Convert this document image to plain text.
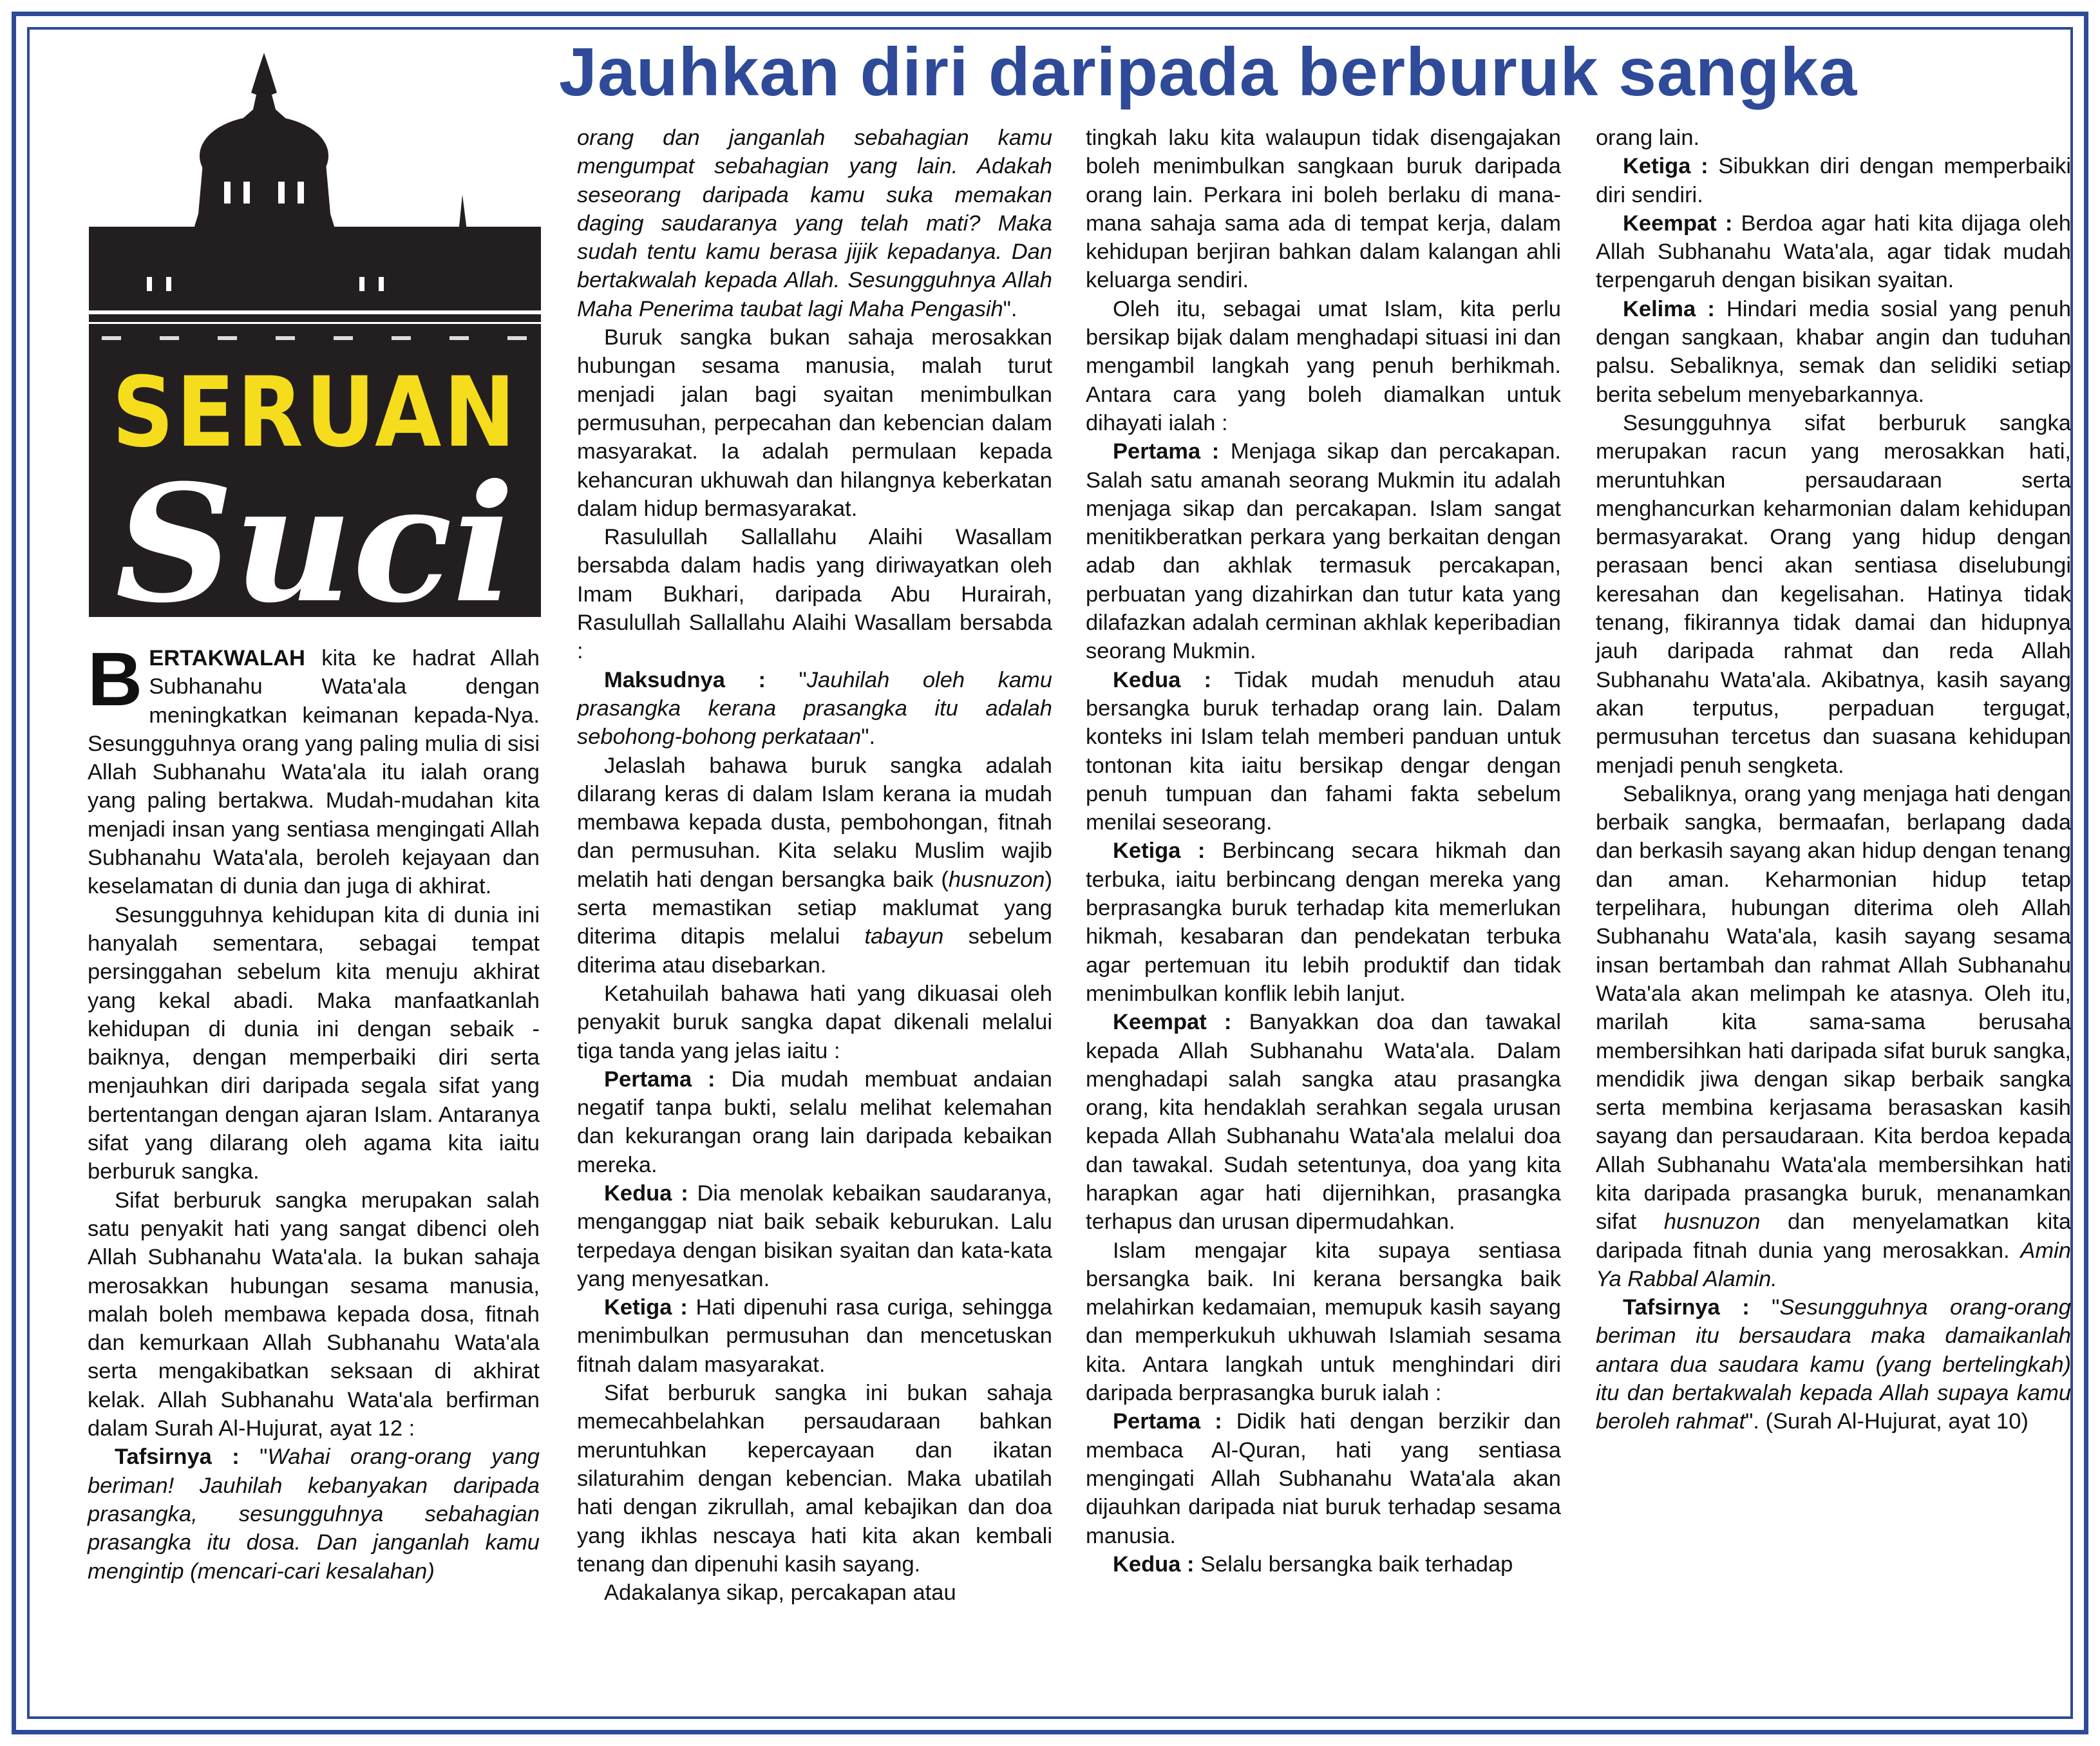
Jauhkan diri daripada berburuk sangka
SERUAN
Suci

BERTAKWALAH kita ke hadrat Allah Subhanahu Wata'ala dengan meningkatkan keimanan kepada-Nya. Sesungguhnya orang yang paling mulia di sisi Allah Subhanahu Wata'ala itu ialah orang yang paling bertakwa. Mudah-mudahan kita menjadi insan yang sentiasa mengingati Allah Subhanahu Wata'ala, beroleh kejayaan dan keselamatan di dunia dan juga di akhirat.

Sesungguhnya kehidupan kita di dunia ini hanyalah sementara, sebagai tempat persinggahan sebelum kita menuju akhirat yang kekal abadi. Maka manfaatkanlah kehidupan di dunia ini dengan sebaik - baiknya, dengan memperbaiki diri serta menjauhkan diri daripada segala sifat yang bertentangan dengan ajaran Islam. Antaranya sifat yang dilarang oleh agama kita iaitu berburuk sangka.

Sifat berburuk sangka merupakan salah satu penyakit hati yang sangat dibenci oleh Allah Subhanahu Wata'ala. Ia bukan sahaja merosakkan hubungan sesama manusia, malah boleh membawa kepada dosa, fitnah dan kemurkaan Allah Subhanahu Wata'ala serta mengakibatkan seksaan di akhirat kelak. Allah Subhanahu Wata'ala berfirman dalam Surah Al-Hujurat, ayat 12 :

Tafsirnya : "Wahai orang-orang yang beriman! Jauhilah kebanyakan daripada prasangka, sesungguhnya sebahagian prasangka itu dosa. Dan janganlah kamu mengintip (mencari-cari kesalahan)

orang dan janganlah sebahagian kamu mengumpat sebahagian yang lain. Adakah seseorang daripada kamu suka memakan daging saudaranya yang telah mati? Maka sudah tentu kamu berasa jijik kepadanya. Dan bertakwalah kepada Allah. Sesungguhnya Allah Maha Penerima taubat lagi Maha Pengasih".

Buruk sangka bukan sahaja merosakkan hubungan sesama manusia, malah turut menjadi jalan bagi syaitan menimbulkan permusuhan, perpecahan dan kebencian dalam masyarakat. Ia adalah permulaan kepada kehancuran ukhuwah dan hilangnya keberkatan dalam hidup bermasyarakat.

Rasulullah Sallallahu Alaihi Wasallam bersabda dalam hadis yang diriwayatkan oleh Imam Bukhari, daripada Abu Hurairah, Rasulullah Sallallahu Alaihi Wasallam bersabda :

Maksudnya : "Jauhilah oleh kamu prasangka kerana prasangka itu adalah sebohong-bohong perkataan".

Jelaslah bahawa buruk sangka adalah dilarang keras di dalam Islam kerana ia mudah membawa kepada dusta, pembohongan, fitnah dan permusuhan. Kita selaku Muslim wajib melatih hati dengan bersangka baik (husnuzon) serta memastikan setiap maklumat yang diterima ditapis melalui tabayun sebelum diterima atau disebarkan.

Ketahuilah bahawa hati yang dikuasai oleh penyakit buruk sangka dapat dikenali melalui tiga tanda yang jelas iaitu :

Pertama : Dia mudah membuat andaian negatif tanpa bukti, selalu melihat kelemahan dan kekurangan orang lain daripada kebaikan mereka.

Kedua : Dia menolak kebaikan saudaranya, menganggap niat baik sebaik keburukan. Lalu terpedaya dengan bisikan syaitan dan kata-kata yang menyesatkan.

Ketiga : Hati dipenuhi rasa curiga, sehingga menimbulkan permusuhan dan mencetuskan fitnah dalam masyarakat.

Sifat berburuk sangka ini bukan sahaja memecahbelahkan persaudaraan bahkan meruntuhkan kepercayaan dan ikatan silaturahim dengan kebencian. Maka ubatilah hati dengan zikrullah, amal kebajikan dan doa yang ikhlas nescaya hati kita akan kembali tenang dan dipenuhi kasih sayang.

Adakalanya sikap, percakapan atau

tingkah laku kita walaupun tidak disengajakan boleh menimbulkan sangkaan buruk daripada orang lain. Perkara ini boleh berlaku di mana-mana sahaja sama ada di tempat kerja, dalam kehidupan berjiran bahkan dalam kalangan ahli keluarga sendiri.

Oleh itu, sebagai umat Islam, kita perlu bersikap bijak dalam menghadapi situasi ini dan mengambil langkah yang penuh berhikmah. Antara cara yang boleh diamalkan untuk dihayati ialah :

Pertama : Menjaga sikap dan percakapan. Salah satu amanah seorang Mukmin itu adalah menjaga sikap dan percakapan. Islam sangat menitikberatkan perkara yang berkaitan dengan adab dan akhlak termasuk percakapan, perbuatan yang dizahirkan dan tutur kata yang dilafazkan adalah cerminan akhlak keperibadian seorang Mukmin.

Kedua : Tidak mudah menuduh atau bersangka buruk terhadap orang lain. Dalam konteks ini Islam telah memberi panduan untuk tontonan kita iaitu bersikap dengar dengan penuh tumpuan dan fahami fakta sebelum menilai seseorang.

Ketiga : Berbincang secara hikmah dan terbuka, iaitu berbincang dengan mereka yang berprasangka buruk terhadap kita memerlukan hikmah, kesabaran dan pendekatan terbuka agar pertemuan itu lebih produktif dan tidak menimbulkan konflik lebih lanjut.

Keempat : Banyakkan doa dan tawakal kepada Allah Subhanahu Wata'ala. Dalam menghadapi salah sangka atau prasangka orang, kita hendaklah serahkan segala urusan kepada Allah Subhanahu Wata'ala melalui doa dan tawakal. Sudah setentunya, doa yang kita harapkan agar hati dijernihkan, prasangka terhapus dan urusan dipermudahkan.

Islam mengajar kita supaya sentiasa bersangka baik. Ini kerana bersangka baik melahirkan kedamaian, memupuk kasih sayang dan memperkukuh ukhuwah Islamiah sesama kita. Antara langkah untuk menghindari diri daripada berprasangka buruk ialah :

Pertama : Didik hati dengan berzikir dan membaca Al-Quran, hati yang sentiasa mengingati Allah Subhanahu Wata'ala akan dijauhkan daripada niat buruk terhadap sesama manusia.

Kedua : Selalu bersangka baik terhadap

orang lain.

Ketiga : Sibukkan diri dengan memperbaiki diri sendiri.

Keempat : Berdoa agar hati kita dijaga oleh Allah Subhanahu Wata'ala, agar tidak mudah terpengaruh dengan bisikan syaitan.

Kelima : Hindari media sosial yang penuh dengan sangkaan, khabar angin dan tuduhan palsu. Sebaliknya, semak dan selidiki setiap berita sebelum menyebarkannya.

Sesungguhnya sifat berburuk sangka merupakan racun yang merosakkan hati, meruntuhkan persaudaraan serta menghancurkan keharmonian dalam kehidupan bermasyarakat. Orang yang hidup dengan perasaan benci akan sentiasa diselubungi keresahan dan kegelisahan. Hatinya tidak tenang, fikirannya tidak damai dan hidupnya jauh daripada rahmat dan reda Allah Subhanahu Wata'ala. Akibatnya, kasih sayang akan terputus, perpaduan tergugat, permusuhan tercetus dan suasana kehidupan menjadi penuh sengketa.

Sebaliknya, orang yang menjaga hati dengan berbaik sangka, bermaafan, berlapang dada dan berkasih sayang akan hidup dengan tenang dan aman. Keharmonian hidup tetap terpelihara, hubungan diterima oleh Allah Subhanahu Wata'ala, kasih sayang sesama insan bertambah dan rahmat Allah Subhanahu Wata'ala akan melimpah ke atasnya. Oleh itu, marilah kita sama-sama berusaha membersihkan hati daripada sifat buruk sangka, mendidik jiwa dengan sikap berbaik sangka serta membina kerjasama berasaskan kasih sayang dan persaudaraan. Kita berdoa kepada Allah Subhanahu Wata'ala membersihkan hati kita daripada prasangka buruk, menanamkan sifat husnuzon dan menyelamatkan kita daripada fitnah dunia yang merosakkan. Amin Ya Rabbal Alamin.

Tafsirnya : "Sesungguhnya orang-orang beriman itu bersaudara maka damaikanlah antara dua saudara kamu (yang bertelingkah) itu dan bertakwalah kepada Allah supaya kamu beroleh rahmat". (Surah Al-Hujurat, ayat 10)
